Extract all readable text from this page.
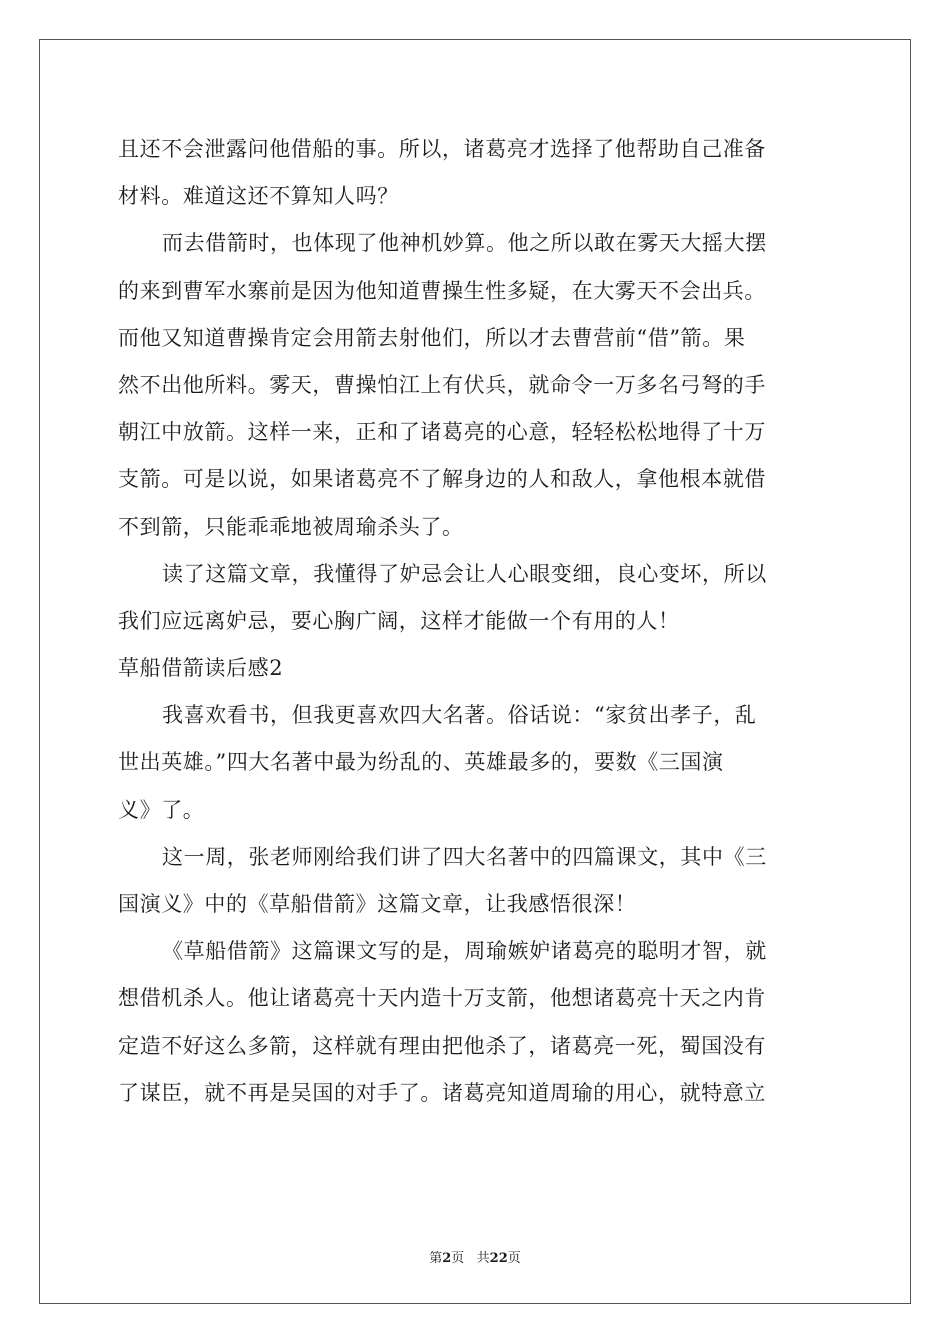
且还不会泄露问他借船的事。所以，诸葛亮才选择了他帮助自己准备
材料。难道这还不算知人吗？
而去借箭时，也体现了他神机妙算。他之所以敢在雾天大摇大摆
的来到曹军水寨前是因为他知道曹操生性多疑，在大雾天不会出兵。
而他又知道曹操肯定会用箭去射他们，所以才去曹营前“借”箭。果
然不出他所料。雾天，曹操怕江上有伏兵，就命令一万多名弓弩的手
朝江中放箭。这样一来，正和了诸葛亮的心意，轻轻松松地得了十万
支箭。可是以说，如果诸葛亮不了解身边的人和敌人，拿他根本就借
不到箭，只能乖乖地被周瑜杀头了。
读了这篇文章，我懂得了妒忌会让人心眼变细，良心变坏，所以
我们应远离妒忌，要心胸广阔，这样才能做一个有用的人！
草船借箭读后感2
我喜欢看书，但我更喜欢四大名著。俗话说：“家贫出孝子，乱
世出英雄。”四大名著中最为纷乱的、英雄最多的，要数《三国演
义》了。
这一周，张老师刚给我们讲了四大名著中的四篇课文，其中《三
国演义》中的《草船借箭》这篇文章，让我感悟很深！
《草船借箭》这篇课文写的是，周瑜嫉妒诸葛亮的聪明才智，就
想借机杀人。他让诸葛亮十天内造十万支箭，他想诸葛亮十天之内肯
定造不好这么多箭，这样就有理由把他杀了，诸葛亮一死，蜀国没有
了谋臣，就不再是吴国的对手了。诸葛亮知道周瑜的用心，就特意立
第2页   共22页
